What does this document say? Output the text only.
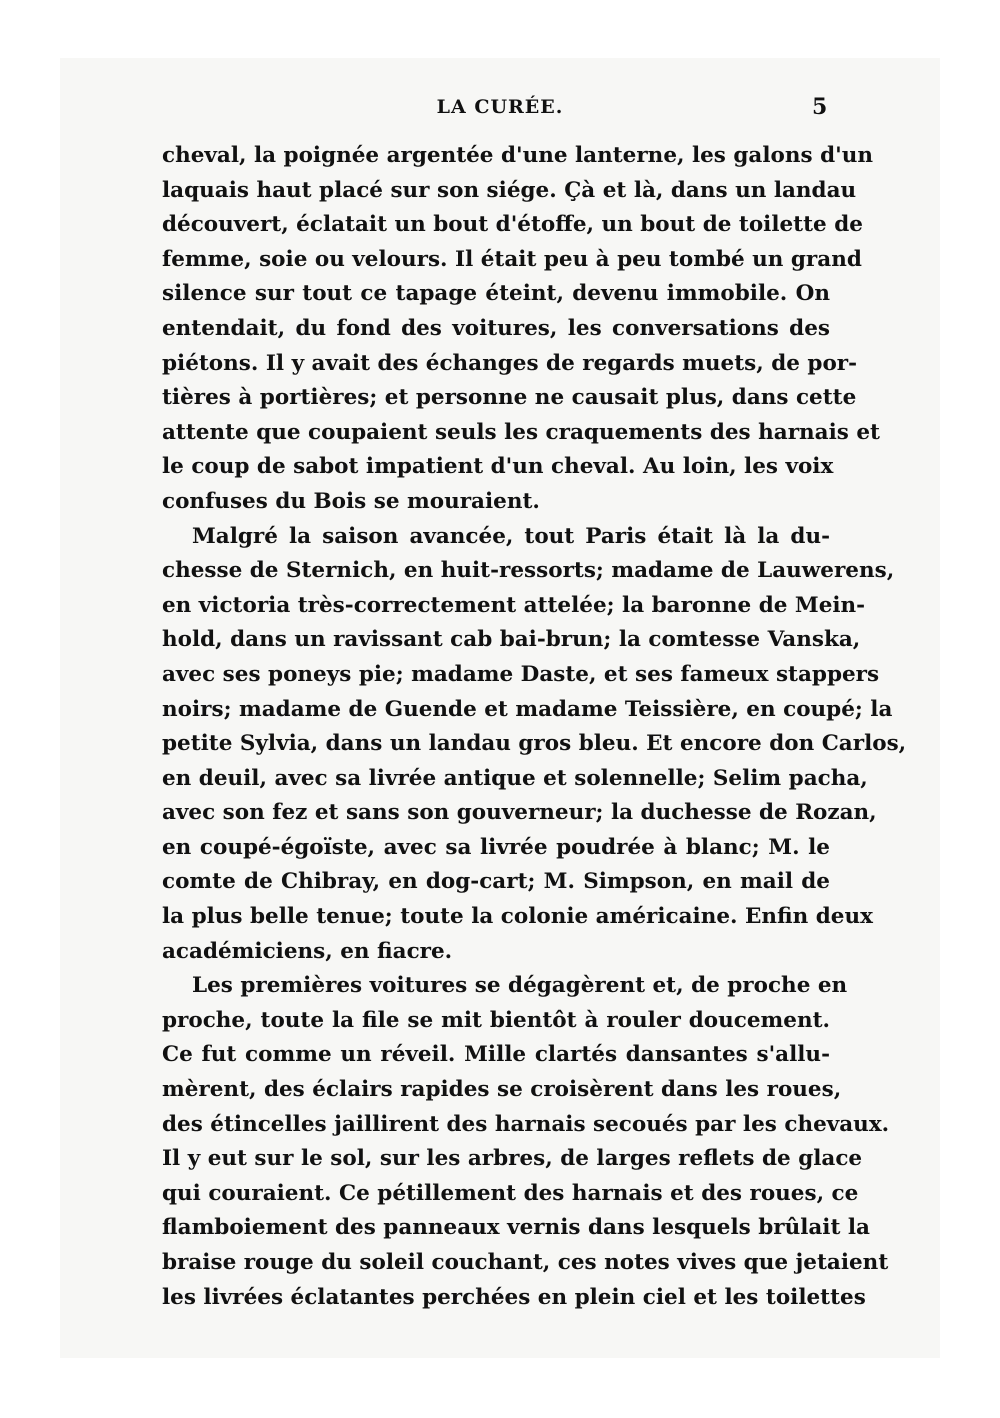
LA CURÉE.	5
cheval, la poignée argentée d'une lanterne, les galons d'un
laquais haut placé sur son siége. Çà et là, dans un landau
découvert, éclatait un bout d'étoffe, un bout de toilette de
femme, soie ou velours. Il était peu à peu tombé un grand
silence sur tout ce tapage éteint, devenu immobile. On
entendait, du fond des voitures, les conversations des
piétons. Il y avait des échanges de regards muets, de por-
tières à portières; et personne ne causait plus, dans cette
attente que coupaient seuls les craquements des harnais et
le coup de sabot impatient d'un cheval. Au loin, les voix
confuses du Bois se mouraient.
Malgré la saison avancée, tout Paris était là la du-
chesse de Sternich, en huit-ressorts; madame de Lauwerens,
en victoria très-correctement attelée; la baronne de Mein-
hold, dans un ravissant cab bai-brun; la comtesse Vanska,
avec ses poneys pie; madame Daste, et ses fameux stappers
noirs; madame de Guende et madame Teissière, en coupé; la
petite Sylvia, dans un landau gros bleu. Et encore don Carlos,
en deuil, avec sa livrée antique et solennelle; Selim pacha,
avec son fez et sans son gouverneur; la duchesse de Rozan,
en coupé-égoïste, avec sa livrée poudrée à blanc; M. le
comte de Chibray, en dog-cart; M. Simpson, en mail de
la plus belle tenue; toute la colonie américaine. Enfin deux
académiciens, en fiacre.
Les premières voitures se dégagèrent et, de proche en
proche, toute la file se mit bientôt à rouler doucement.
Ce fut comme un réveil. Mille clartés dansantes s'allu-
mèrent, des éclairs rapides se croisèrent dans les roues,
des étincelles jaillirent des harnais secoués par les chevaux.
Il y eut sur le sol, sur les arbres, de larges reflets de glace
qui couraient. Ce pétillement des harnais et des roues, ce
flamboiement des panneaux vernis dans lesquels brûlait la
braise rouge du soleil couchant, ces notes vives que jetaient
les livrées éclatantes perchées en plein ciel et les toilettes
